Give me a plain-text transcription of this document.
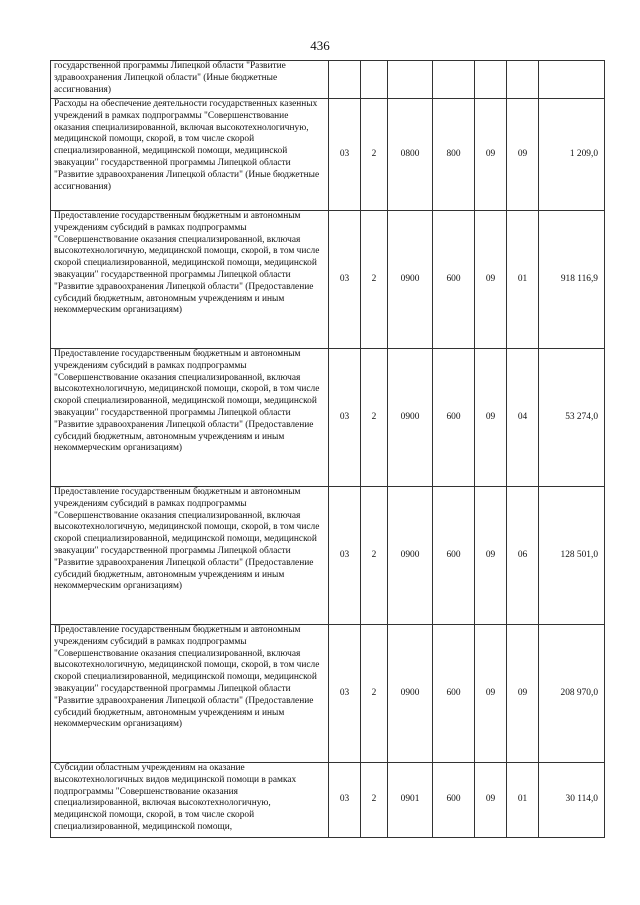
436
государственной программы Липецкой области "Развитие здравоохранения Липецкой области" (Иные бюджетные ассигнования)							
Расходы на обеспечение деятельности государственных казенных учреждений в рамках подпрограммы "Совершенствование оказания специализированной, включая высокотехнологичную, медицинской помощи, скорой, в том числе скорой специализированной, медицинской помощи, медицинской эвакуации" государственной программы Липецкой области "Развитие здравоохранения Липецкой области" (Иные бюджетные ассигнования)	03	2	0800	800	09	09	1 209,0
Предоставление государственным бюджетным и автономным учреждениям субсидий в рамках подпрограммы "Совершенствование оказания специализированной, включая высокотехнологичную, медицинской помощи, скорой, в том числе скорой специализированной, медицинской помощи, медицинской эвакуации" государственной программы Липецкой области "Развитие здравоохранения Липецкой области" (Предоставление субсидий бюджетным, автономным учреждениям и иным некоммерческим организациям)	03	2	0900	600	09	01	918 116,9
Предоставление государственным бюджетным и автономным учреждениям субсидий в рамках подпрограммы "Совершенствование оказания специализированной, включая высокотехнологичную, медицинской помощи, скорой, в том числе скорой специализированной, медицинской помощи, медицинской эвакуации" государственной программы Липецкой области "Развитие здравоохранения Липецкой области" (Предоставление субсидий бюджетным, автономным учреждениям и иным некоммерческим организациям)	03	2	0900	600	09	04	53 274,0
Предоставление государственным бюджетным и автономным учреждениям субсидий в рамках подпрограммы "Совершенствование оказания специализированной, включая высокотехнологичную, медицинской помощи, скорой, в том числе скорой специализированной, медицинской помощи, медицинской эвакуации" государственной программы Липецкой области "Развитие здравоохранения Липецкой области" (Предоставление субсидий бюджетным, автономным учреждениям и иным некоммерческим организациям)	03	2	0900	600	09	06	128 501,0
Предоставление государственным бюджетным и автономным учреждениям субсидий в рамках подпрограммы "Совершенствование оказания специализированной, включая высокотехнологичную, медицинской помощи, скорой, в том числе скорой специализированной, медицинской помощи, медицинской эвакуации" государственной программы Липецкой области "Развитие здравоохранения Липецкой области" (Предоставление субсидий бюджетным, автономным учреждениям и иным некоммерческим организациям)	03	2	0900	600	09	09	208 970,0
Субсидии областным учреждениям на оказание высокотехнологичных видов медицинской помощи в рамках подпрограммы "Совершенствование оказания специализированной, включая высокотехнологичную, медицинской помощи, скорой, в том числе скорой специализированной, медицинской помощи,	03	2	0901	600	09	01	30 114,0
